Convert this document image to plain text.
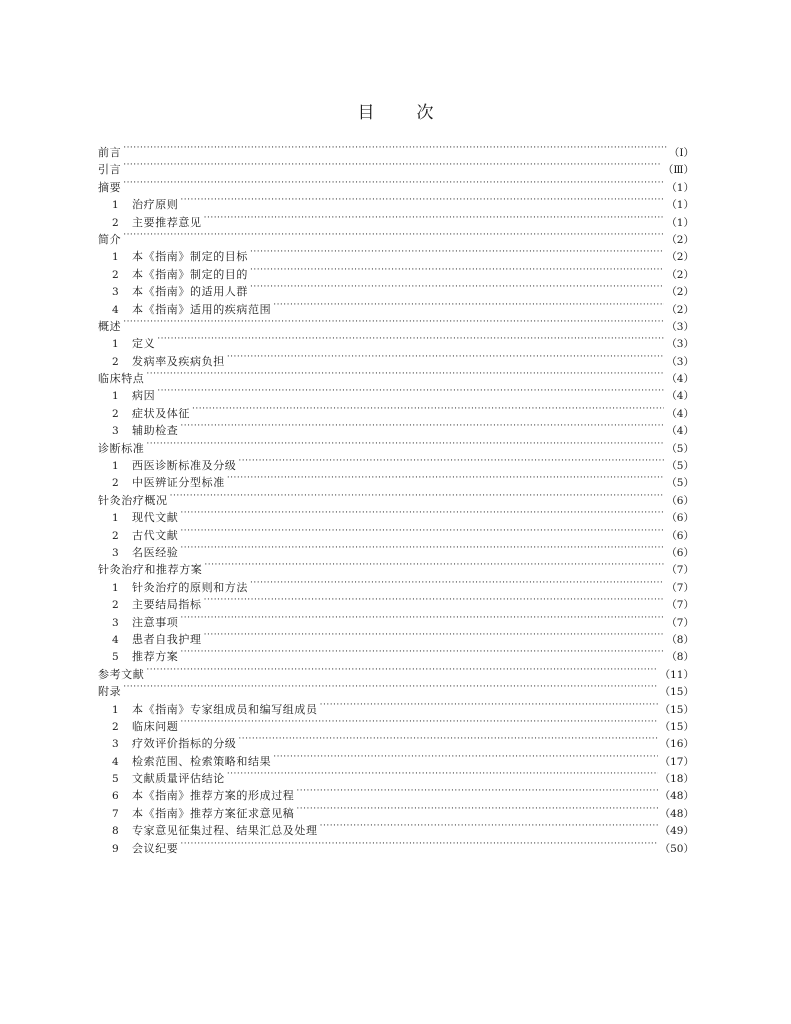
目 次
前言 ·····	（Ⅰ）
引言 ·····	（Ⅲ）
摘要 ·····	（1）
1	治疗原则 ·····	（1）
2	主要推荐意见 ·····	（1）
简介 ·····	（2）
1	本《指南》制定的目标 ·····	（2）
2	本《指南》制定的目的 ·····	（2）
3	本《指南》的适用人群 ·····	（2）
4	本《指南》适用的疾病范围 ·····	（2）
概述 ·····	（3）
1	定义 ·····	（3）
2	发病率及疾病负担 ·····	（3）
临床特点 ·····	（4）
1	病因 ·····	（4）
2	症状及体征 ·····	（4）
3	辅助检查 ·····	（4）
诊断标准 ·····	（5）
1	西医诊断标准及分级 ·····	（5）
2	中医辨证分型标准 ·····	（5）
针灸治疗概况 ·····	（6）
1	现代文献 ·····	（6）
2	古代文献 ·····	（6）
3	名医经验 ·····	（6）
针灸治疗和推荐方案 ·····	（7）
1	针灸治疗的原则和方法 ·····	（7）
2	主要结局指标 ·····	（7）
3	注意事项 ·····	（7）
4	患者自我护理 ·····	（8）
5	推荐方案 ·····	（8）
参考文献 ·····	（11）
附录 ·····	（15）
1	本《指南》专家组成员和编写组成员 ·····	（15）
2	临床问题 ·····	（15）
3	疗效评价指标的分级 ·····	（16）
4	检索范围、检索策略和结果 ·····	（17）
5	文献质量评估结论 ·····	（18）
6	本《指南》推荐方案的形成过程 ·····	（48）
7	本《指南》推荐方案征求意见稿 ·····	（48）
8	专家意见征集过程、结果汇总及处理 ·····	（49）
9	会议纪要 ·····	（50）
